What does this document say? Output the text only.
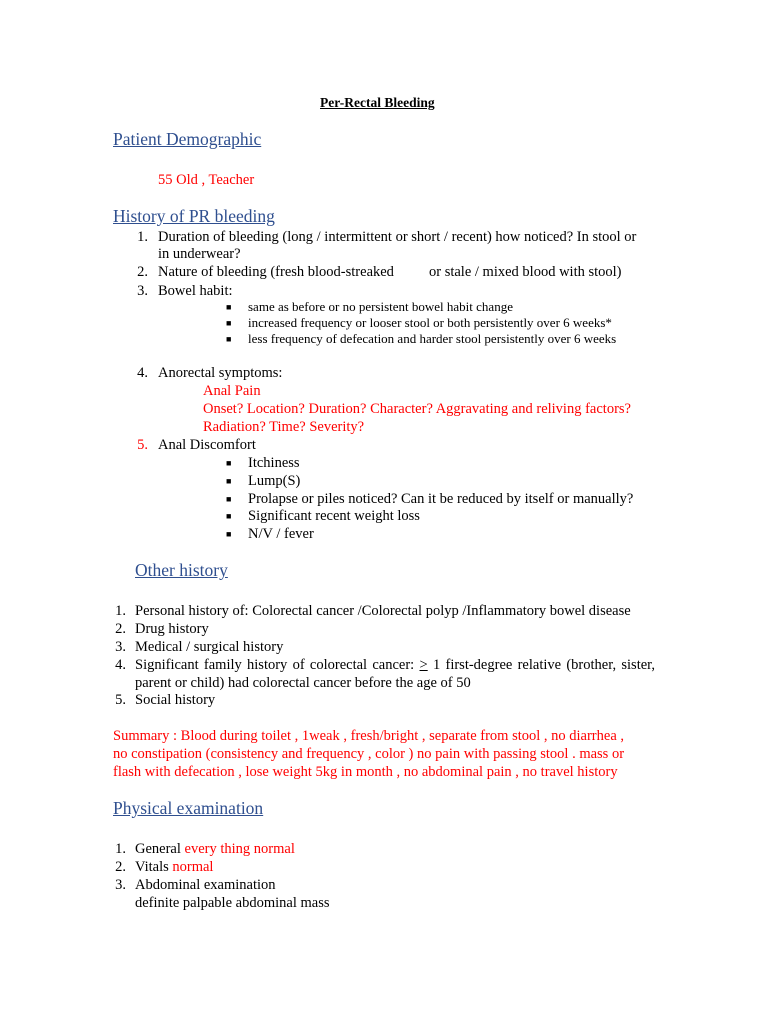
Per-Rectal Bleeding
Patient Demographic
55 Old , Teacher
History of PR bleeding
1. Duration of bleeding (long / intermittent or short / recent) how noticed? In stool or
in underwear?
2. Nature of bleeding (fresh blood-streaked or stale / mixed blood with stool)
3. Bowel habit:
■ same as before or no persistent bowel habit change
■ increased frequency or looser stool or both persistently over 6 weeks*
■ less frequency of defecation and harder stool persistently over 6 weeks
4. Anorectal symptoms:
Anal Pain
Onset? Location? Duration? Character? Aggravating and reliving factors?
Radiation? Time? Severity?
5. Anal Discomfort
■ Itchiness
■ Lump(S)
■ Prolapse or piles noticed? Can it be reduced by itself or manually?
■ Significant recent weight loss
■ N/V / fever
Other history
1. Personal history of: Colorectal cancer /Colorectal polyp /Inflammatory bowel disease
2. Drug history
3. Medical / surgical history
4. Significant family history of colorectal cancer: > 1 first-degree relative (brother, sister, parent or child) had colorectal cancer before the age of 50
5. Social history
Summary : Blood during toilet , 1weak , fresh/bright , separate from stool , no diarrhea ,
no constipation (consistency and frequency , color ) no pain with passing stool . mass or
flash with defecation , lose weight 5kg in month , no abdominal pain , no travel history
Physical examination
1. General every thing normal
2. Vitals normal
3. Abdominal examination
definite palpable abdominal mass
